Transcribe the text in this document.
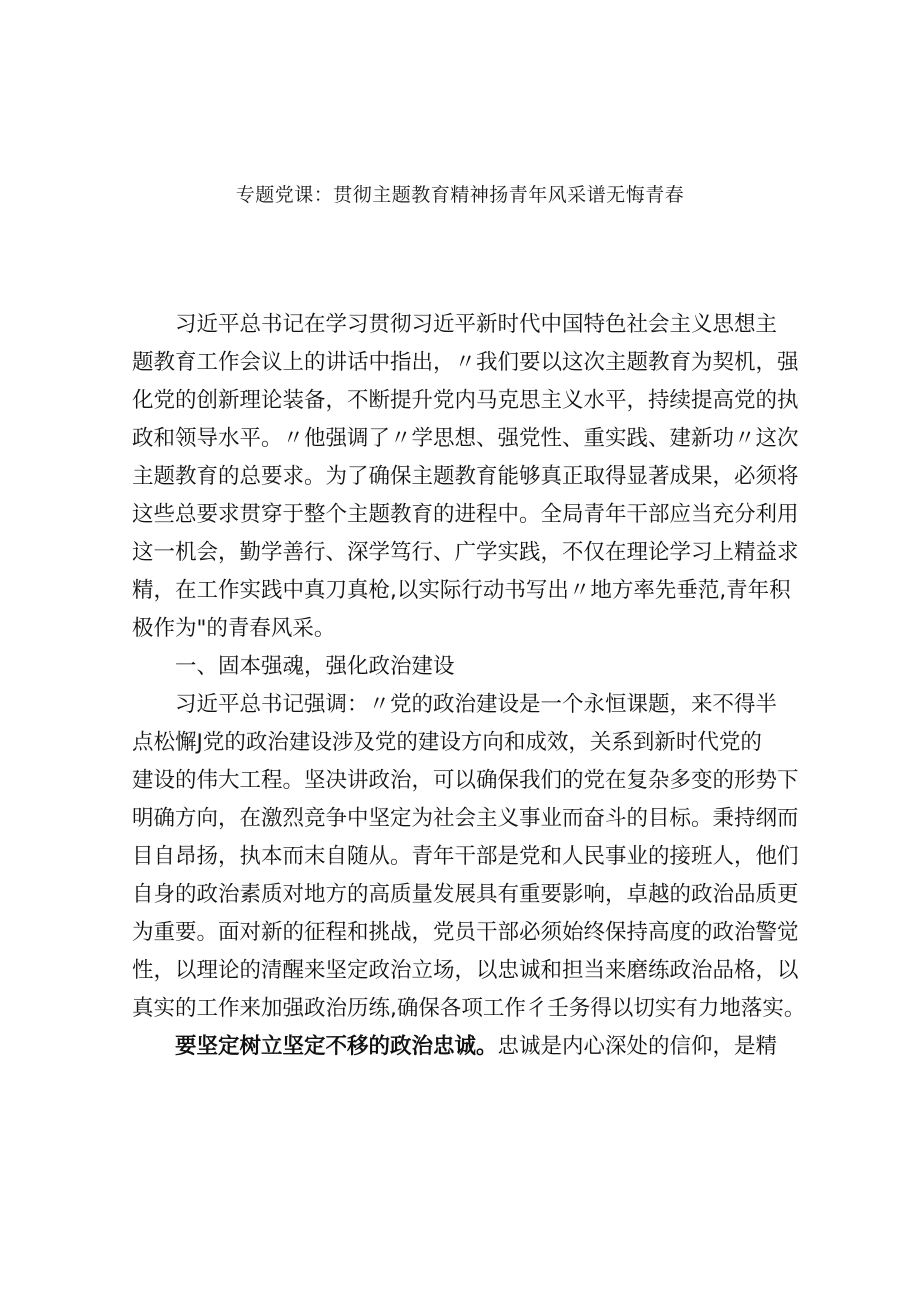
专题党课：贯彻主题教育精神扬青年风采谱无悔青春
习近平总书记在学习贯彻习近平新时代中国特色社会主义思想主
题教育工作会议上的讲话中指出，〃我们要以这次主题教育为契机，强
化党的创新理论装备，不断提升党内马克思主义水平，持续提高党的执
政和领导水平。〃他强调了〃学思想、强党性、重实践、建新功〃这次
主题教育的总要求。为了确保主题教育能够真正取得显著成果，必须将
这些总要求贯穿于整个主题教育的进程中。全局青年干部应当充分利用
这一机会，勤学善行、深学笃行、广学实践，不仅在理论学习上精益求
精，在工作实践中真刀真枪,以实际行动书写出〃地方率先垂范,青年积
极作为"的青春风采。
一、固本强魂，强化政治建设
习近平总书记强调：〃党的政治建设是一个永恒课题，来不得半
点松懈J党的政治建设涉及党的建设方向和成效，关系到新时代党的
建设的伟大工程。坚决讲政治，可以确保我们的党在复杂多变的形势下
明确方向，在激烈竞争中坚定为社会主义事业而奋斗的目标。秉持纲而
目自昂扬，执本而末自随从。青年干部是党和人民事业的接班人，他们
自身的政治素质对地方的高质量发展具有重要影响，卓越的政治品质更
为重要。面对新的征程和挑战，党员干部必须始终保持高度的政治警觉
性，以理论的清醒来坚定政治立场，以忠诚和担当来磨练政治品格，以
真实的工作来加强政治历练,确保各项工作彳壬务得以切实有力地落实。
要坚定树立坚定不移的政治忠诚。忠诚是内心深处的信仰，是精
